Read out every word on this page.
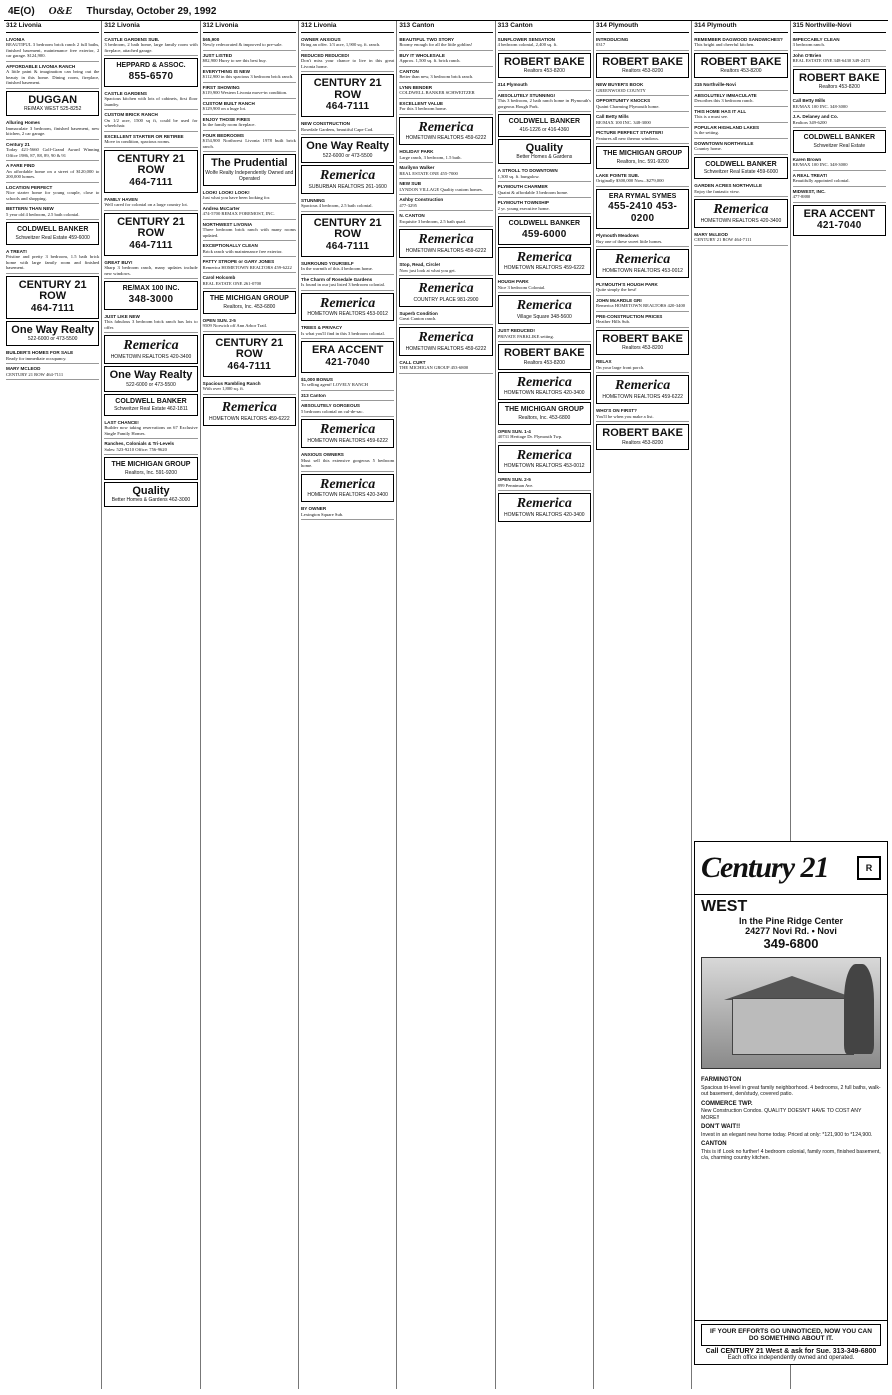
4E(O) O&E Thursday, October 29, 1992
312 Livonia
LIVONIA
BEAUTIFUL 3 bedroom brick ranch 2 full baths, finished basement, maintenance free exterior, 2 car garage. $124,900.
AFFORDABLE LIVONIA RANCH
A little paint & imagination can bring out the beauty in this home. Dining room, fireplace, finished basement.
DUGGAN
RE/MAX WEST 525-8252
Alluring Homes
Immaculate 3 bedroom, finished basement, new kitchen, 2 car garage.
Century 21
Today 421-5660 Golf-Grand Award Winning Office 1986, 87, 88, 89, 90 & 91
A FARE FIND
An affordable home on a street of $120,000 to 200,000 homes.
LOCATION PERFECT
Nice starter home for young couple, close to schools and shopping.
BETTERN THAN NEW
5 year old 4 bedroom, 2.5 bath colonial.
COLDWELL BANKER
Schweitzer Real Estate 459-6000
A TREAT!
Pristine and pretty 3 bedroom, 1.5 bath brick home with large family room and finished basement.
CENTURY 21 ROW
464-7111
One Way Realty
522-6000 or 473-5500
BUILDER'S HOMES FOR SALE
Ready for immediate occupancy.
MARY MCLEOD
CENTURY 21 ROW 464-7111
312 Livonia
CASTLE GARDENS SUB.
3 bedroom, 2 bath home, large family room with fireplace, attached garage.
HEPPARD & ASSOC.
855-6570
CASTLE GARDENS
Spacious kitchen with lots of cabinets, first floor laundry.
CUSTOM BRICK RANCH
On 1/2 acre, 1500 sq ft, could be used for wheelchair.
EXCELLENT STARTER OR RETIREE
Move in condition, spacious rooms.
CENTURY 21 ROW
464-7111
FAMILY HAVEN
Well cared for colonial on a large country lot.
CENTURY 21 ROW
464-7111
GREAT BUY!
Sharp 3 bedroom ranch, many updates include new windows.
RE/MAX 100 INC.
348-3000
JUST LIKE NEW
This fabulous 3 bedroom brick ranch has lots to offer.
Remerica
HOMETOWN REALTORS 420-3400
One Way Realty
522-6000 or 473-5500
COLDWELL BANKER
Schweitzer Real Estate 462-1811
LAST CHANCE!
Builder now taking reservations on 67 Exclusive Single Family Homes.
Ranches, Colonials & Tri-Levels
Sales: 523-9210 Office: 756-9620
THE MICHIGAN GROUP
Realtors, Inc. 591-9200
Quality
Better Homes & Gardens 462-3000
312 Livonia
$65,900
Newly redecorated & improved to pre-sale.
JUST LISTED
$82,900 Hurry to see this best buy.
EVERYTHING IS NEW
$112,900 in this spacious 3 bedroom brick ranch.
FIRST SHOWING
$119,900 Western Livonia move-in condition.
CUSTOM BUILT RANCH
$129,900 on a huge lot.
ENJOY THOSE FIRES
In the family room fireplace.
FOUR BEDROOMS
$154,900 Northwest Livonia 1978 built brick ranch.
The Prudential
Wolfe Realty Independently Owned and Operated
LOOK! LOOK! LOOK!
Just what you have been looking for.
Andrea McCarter
474-5700 REMAX FOREMOST, INC.
NORTHWEST LIVONIA
Three bedroom brick ranch with many rooms updated.
EXCEPTIONALLY CLEAN
Brick ranch with maintenance free exterior.
PATTY STROPE or GARY JONES
Remerica HOMETOWN REALTORS 459-6222
Carol Holcomb
REAL ESTATE ONE 261-0700
THE MICHIGAN GROUP
Realtors, Inc. 453-6800
OPEN SUN. 2-5
9509 Norwich off Ann Arbor Trail.
CENTURY 21 ROW
464-7111
Spacious Rambling Ranch
With over 1,800 sq. ft.
Remerica
HOMETOWN REALTORS 459-6222
312 Livonia
OWNER ANXIOUS
Bring an offer. 1/3 acre, 1,900 sq. ft. ranch.
REDUCED REDUCED!
Don't miss your chance to live in this great Livonia home.
CENTURY 21 ROW
464-7111
NEW CONSTRUCTION
Rosedale Gardens, beautiful Cape Cod.
One Way Realty
522-6000 or 473-5500
Remerica
SUBURBAN REALTORS 261-1600
STUNNING
Spacious 4 bedroom, 2.5 bath colonial.
CENTURY 21 ROW
464-7111
SURROUND YOURSELF
In the warmth of this 4 bedroom home.
The Charm of Rosedale Gardens
Is found in our just listed 3 bedroom colonial.
Remerica
HOMETOWN REALTORS 453-0012
TREES & PRIVACY
Is what you'll find in this 3 bedroom colonial.
ERA ACCENT
421-7040
$1,000 BONUS
To selling agent! LOVELY RANCH
313 Canton
ABSOLUTELY GORGEOUS
5 bedroom colonial on cul-de-sac.
Remerica
HOMETOWN REALTORS 459-6222
ANXIOUS OWNERS
Must sell this extensive gorgeous 5 bedroom home.
Remerica
HOMETOWN REALTORS 420-3400
BY OWNER
Lexington Square Sub.
313 Canton
BEAUTIFUL TWO STORY
Roomy enough for all the little goblins!
BUY IT WHOLESALE
Approx. 1,500 sq. ft. brick ranch.
CANTON
Better than new, 3 bedroom brick ranch.
LYNN BENDER
COLDWELL BANKER SCHWEITZER
EXCELLENT VALUE
For this 3 bedroom home.
Remerica
HOMETOWN REALTORS 459-6222
HOLIDAY PARK
Large ranch, 3 bedroom, 1.5 bath.
Marilynn Walker
REAL ESTATE ONE 455-7000
NEW SUB
LYNDON VILLAGE Quality custom homes.
Ashby Construction
477-3295
N. CANTON
Exquisite 3 bedroom, 2.5 bath quad.
Remerica
HOMETOWN REALTORS 459-6222
Stop, Read, Circle!
Now just look at what you get.
Remerica
COUNTRY PLACE 981-2900
Superb Condition
Great Canton ranch.
Remerica
HOMETOWN REALTORS 459-6222
CALL CURT
THE MICHIGAN GROUP 453-6800
313 Canton
SUNFLOWER SENSATION
4 bedroom colonial, 2,400 sq. ft.
ROBERT BAKE
Realtors 453-8200
314 Plymouth
ABSOLUTELY STUNNING!
This 3 bedroom, 2 bath ranch home in Plymouth's gorgeous Hough Park.
COLDWELL BANKER
416-1226 or 416-4360
Quality
Better Homes & Gardens
A STROLL TO DOWNTOWN
1,300 sq. ft. bungalow.
PLYMOUTH CHARMER
Quaint & affordable 3 bedroom home.
PLYMOUTH TOWNSHIP
2 yr. young executive home.
COLDWELL BANKER
459-6000
Remerica
HOMETOWN REALTORS 459-6222
HOUGH PARK
Nice 3 bedroom Colonial.
Remerica
Village Square 348-5600
JUST REDUCED!
PRIVATE PARKLIKE setting.
ROBERT BAKE
Realtors 453-8200
Remerica
HOMETOWN REALTORS 420-3400
THE MICHIGAN GROUP
Realtors, Inc. 453-6800
OPEN SUN. 1-4
40731 Heritage Dr. Plymouth Twp.
Remerica
HOMETOWN REALTORS 453-0012
OPEN SUN. 2-5
899 Penniman Ave.
Remerica
HOMETOWN REALTORS 420-3400
314 Plymouth
INTRODUCING
0317
ROBERT BAKE
Realtors 453-8200
NEW BUYER'S BOOK
GREENWOOD COUNTY
OPPORTUNITY KNOCKS
Quaint Charming Plymouth home.
Call Betty Mills
RE/MAX 100 INC. 348-3000
PICTURE PERFECT STARTER!
Features all new thermo windows.
THE MICHIGAN GROUP
Realtors, Inc. 591-9200
LAKE POINTE SUB.
Originally $300,000 Now...$279,000
ERA RYMAL SYMES
455-2410 453-0200
Plymouth Meadows
Buy one of these sweet little homes.
Remerica
HOMETOWN REALTORS 453-0012
PLYMOUTH'S HOUGH PARK
Quite simply the best!
JOHN McARDLE GRI
Remerica HOMETOWN REALTORS 420-3400
PRE-CONSTRUCTION PRICES
Heather Hills Sub.
ROBERT BAKE
Realtors 453-8200
RELAX
On your large front porch.
Remerica
HOMETOWN REALTORS 459-6222
WHO'S ON FIRST?
You'll be when you make a list.
ROBERT BAKE
Realtors 453-8200
314 Plymouth
REMEMBER DAGWOOD SANDWICHES?
This bright and cheerful kitchen.
ROBERT BAKE
Realtors 453-8200
315 Northville-Novi
ABSOLUTELY IMMACULATE
Describes this 3 bedroom ranch.
THIS HOME HAS IT ALL
This is a must see.
POPULAR HIGHLAND LAKES
Is the setting.
DOWNTOWN NORTHVILLE
Country home.
COLDWELL BANKER
Schweitzer Real Estate 459-6000
GARDEN ACRES NORTHVILLE
Enjoy the fantastic view.
Remerica
HOMETOWN REALTORS 420-3400
MARY McLEOD
CENTURY 21 ROW 464-7111
315 Northville-Novi
IMPECCABLY CLEAN
3 bedroom ranch.
John O'Brien
REAL ESTATE ONE 348-6430 349-2473
ROBERT BAKE
Realtors 453-8200
Call Betty Mills
RE/MAX 100 INC. 348-3000
J.A. Delaney and Co.
Realtors 349-6200
COLDWELL BANKER
Schweitzer Real Estate
Karen Brown
RE/MAX 100 INC. 348-3000
A REAL TREAT!
Beautifully appointed colonial.
MIDWEST, INC.
477-8880
ERA ACCENT
421-7040
Century 21	R
WEST
In the Pine Ridge Center
24277 Novi Rd. • Novi
349-6800
FARMINGTON
Spacious tri-level in great family neighborhood. 4 bedrooms, 2 full baths, walk-out basement, den/study, covered patio.
COMMERCE TWP.
New Construction Condos. QUALITY DOESN'T HAVE TO COST ANY MORE!!
DON'T WAIT!!
Invest in an elegant new home today. Priced at only: *121,900 to *124,900.
CANTON
This is it! Look no further! 4 bedroom colonial, family room, finished basement, c/a, charming country kitchen.
IF YOUR EFFORTS GO UNNOTICED, NOW YOU CAN DO SOMETHING ABOUT IT.
Call CENTURY 21 West & ask for Sue. 313-349-6800
Each office independently owned and operated.
